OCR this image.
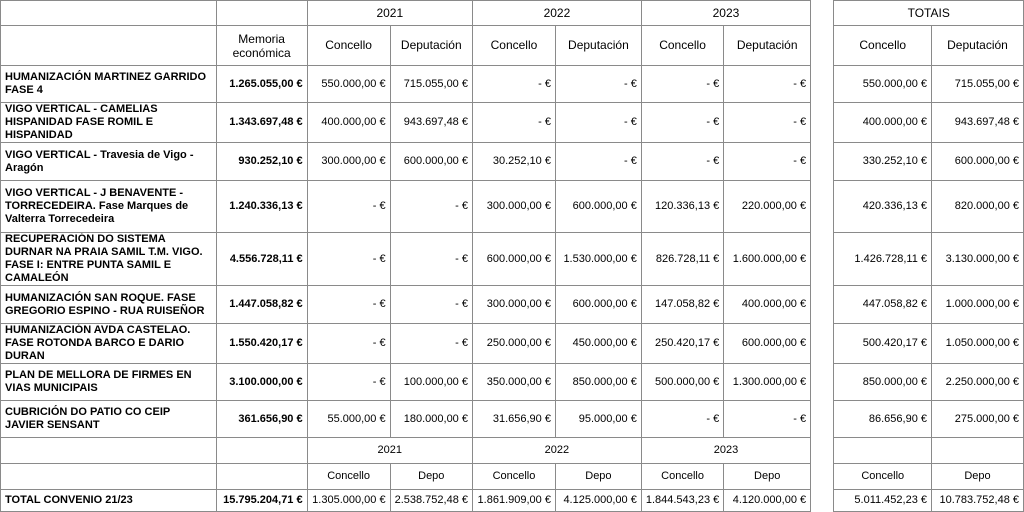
		2021		2022		2023			TOTAIS	
	Memoria económica	Concello	Deputación	Concello	Deputación	Concello	Deputación		Concello	Deputación
HUMANIZACIÓN MARTINEZ GARRIDO FASE 4	1.265.055,00 €	550.000,00 €	715.055,00 €	- €	- €	- €	- €		550.000,00 €	715.055,00 €
VIGO VERTICAL - CAMELIAS HISPANIDAD FASE ROMIL E HISPANIDAD	1.343.697,48 €	400.000,00 €	943.697,48 €	- €	- €	- €	- €		400.000,00 €	943.697,48 €
VIGO VERTICAL - Travesia de Vigo - Aragón	930.252,10 €	300.000,00 €	600.000,00 €	30.252,10 €	- €	- €	- €		330.252,10 €	600.000,00 €
VIGO VERTICAL - J BENAVENTE - TORRECEDEIRA. Fase Marques de Valterra Torrecedeira	1.240.336,13 €	- €	- €	300.000,00 €	600.000,00 €	120.336,13 €	220.000,00 €		420.336,13 €	820.000,00 €
RECUPERACIÓN DO SISTEMA DURNAR NA PRAIA SAMIL T.M. VIGO. FASE I: ENTRE PUNTA SAMIL E CAMALEÓN	4.556.728,11 €	- €	- €	600.000,00 €	1.530.000,00 €	826.728,11 €	1.600.000,00 €		1.426.728,11 €	3.130.000,00 €
HUMANIZACIÓN SAN ROQUE. FASE GREGORIO ESPINO - RUA RUISEÑOR	1.447.058,82 €	- €	- €	300.000,00 €	600.000,00 €	147.058,82 €	400.000,00 €		447.058,82 €	1.000.000,00 €
HUMANIZACIÓN AVDA CASTELAO. FASE ROTONDA BARCO E DARIO DURAN	1.550.420,17 €	- €	- €	250.000,00 €	450.000,00 €	250.420,17 €	600.000,00 €		500.420,17 €	1.050.000,00 €
PLAN DE MELLORA DE FIRMES EN VIAS MUNICIPAIS	3.100.000,00 €	- €	100.000,00 €	350.000,00 €	850.000,00 €	500.000,00 €	1.300.000,00 €		850.000,00 €	2.250.000,00 €
CUBRICIÓN DO PATIO CO CEIP JAVIER SENSANT	361.656,90 €	55.000,00 €	180.000,00 €	31.656,90 €	95.000,00 €	- €	- €		86.656,90 €	275.000,00 €
		2021		2022		2023				
		Concello	Depo	Concello	Depo	Concello	Depo		Concello	Depo
TOTAL CONVENIO 21/23	15.795.204,71 €	1.305.000,00 €	2.538.752,48 €	1.861.909,00 €	4.125.000,00 €	1.844.543,23 €	4.120.000,00 €		5.011.452,23 €	10.783.752,48 €
